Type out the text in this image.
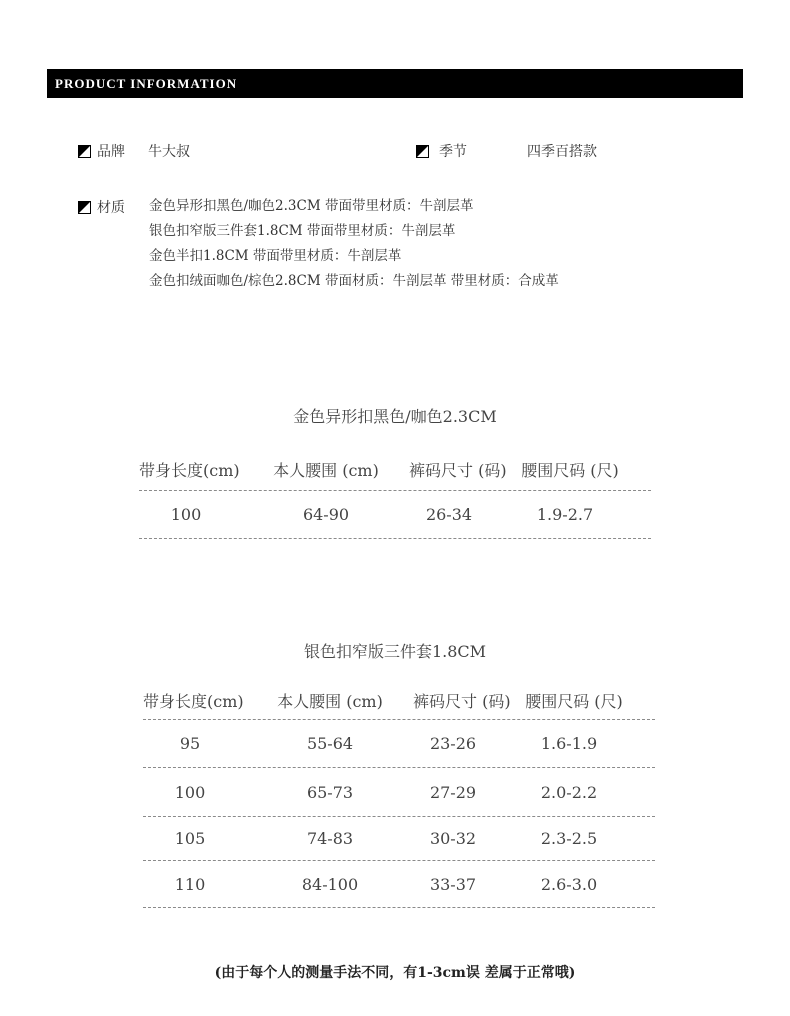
PRODUCT INFORMATION
品牌 牛大叔	季节	四季百搭款
材质 金色异形扣黑色/咖色2.3CM 带面带里材质：牛剖层革
银色扣窄版三件套1.8CM 带面带里材质：牛剖层革
金色半扣1.8CM 带面带里材质：牛剖层革
金色扣绒面咖色/棕色2.8CM 带面材质：牛剖层革 带里材质：合成革
金色异形扣黑色/咖色2.3CM
带身长度(cm)	本人腰围 (cm)	裤码尺寸 (码) 腰围尺码 (尺)
100	64-90	26-34	1.9-2.7
银色扣窄版三件套1.8CM
带身长度(cm)	本人腰围 (cm)	裤码尺寸 (码) 腰围尺码 (尺)
95	55-64	23-26	1.6-1.9
100	65-73	27-29	2.0-2.2
105	74-83	30-32	2.3-2.5
110	84-100	33-37	2.6-3.0
(由于每个人的测量手法不同，有1-3cm误 差属于正常哦)
